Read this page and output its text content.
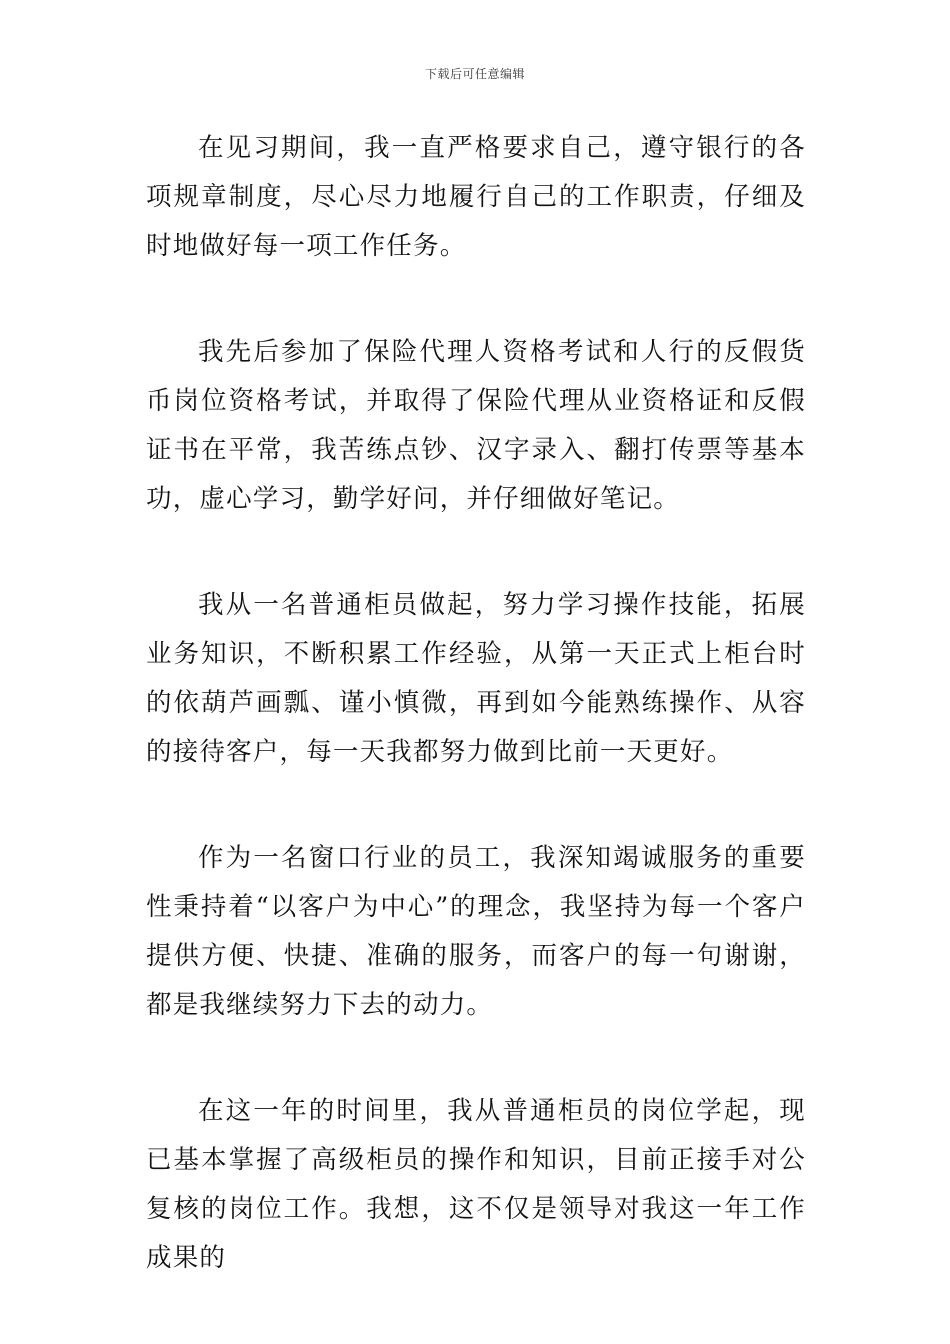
下载后可任意编辑

在见习期间，我一直严格要求自己，遵守银行的各项规章制度，尽心尽力地履行自己的工作职责，仔细及时地做好每一项工作任务。

我先后参加了保险代理人资格考试和人行的反假货币岗位资格考试，并取得了保险代理从业资格证和反假证书在平常，我苦练点钞、汉字录入、翻打传票等基本功，虚心学习，勤学好问，并仔细做好笔记。

我从一名普通柜员做起，努力学习操作技能，拓展业务知识，不断积累工作经验，从第一天正式上柜台时的依葫芦画瓢、谨小慎微，再到如今能熟练操作、从容的接待客户，每一天我都努力做到比前一天更好。

作为一名窗口行业的员工，我深知竭诚服务的重要性秉持着“以客户为中心”的理念，我坚持为每一个客户提供方便、快捷、准确的服务，而客户的每一句谢谢，都是我继续努力下去的动力。

在这一年的时间里，我从普通柜员的岗位学起，现已基本掌握了高级柜员的操作和知识，目前正接手对公复核的岗位工作。我想，这不仅是领导对我这一年工作成果的
